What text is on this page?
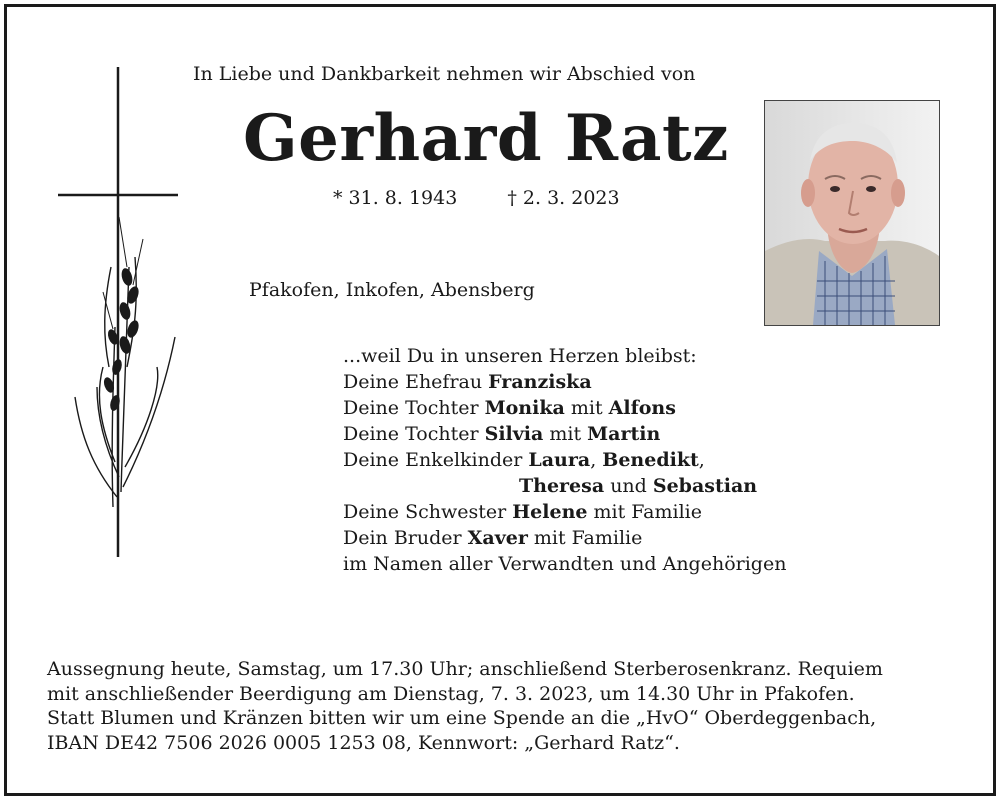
In Liebe und Dankbarkeit nehmen wir Abschied von
Gerhard Ratz
* 31. 8. 1943	† 2. 3. 2023
Pfakofen, Inkofen, Abensberg
...weil Du in unseren Herzen bleibst:
Deine Ehefrau Franziska
Deine Tochter Monika mit Alfons
Deine Tochter Silvia mit Martin
Deine Enkelkinder Laura, Benedikt,
Theresa und Sebastian
Deine Schwester Helene mit Familie
Dein Bruder Xaver mit Familie
im Namen aller Verwandten und Angehörigen
Aussegnung heute, Samstag, um 17.30 Uhr; anschließend Sterberosenkranz. Requiem
mit anschließender Beerdigung am Dienstag, 7. 3. 2023, um 14.30 Uhr in Pfakofen.
Statt Blumen und Kränzen bitten wir um eine Spende an die „HvO“ Oberdeggenbach,
IBAN DE42 7506 2026 0005 1253 08, Kennwort: „Gerhard Ratz“.
